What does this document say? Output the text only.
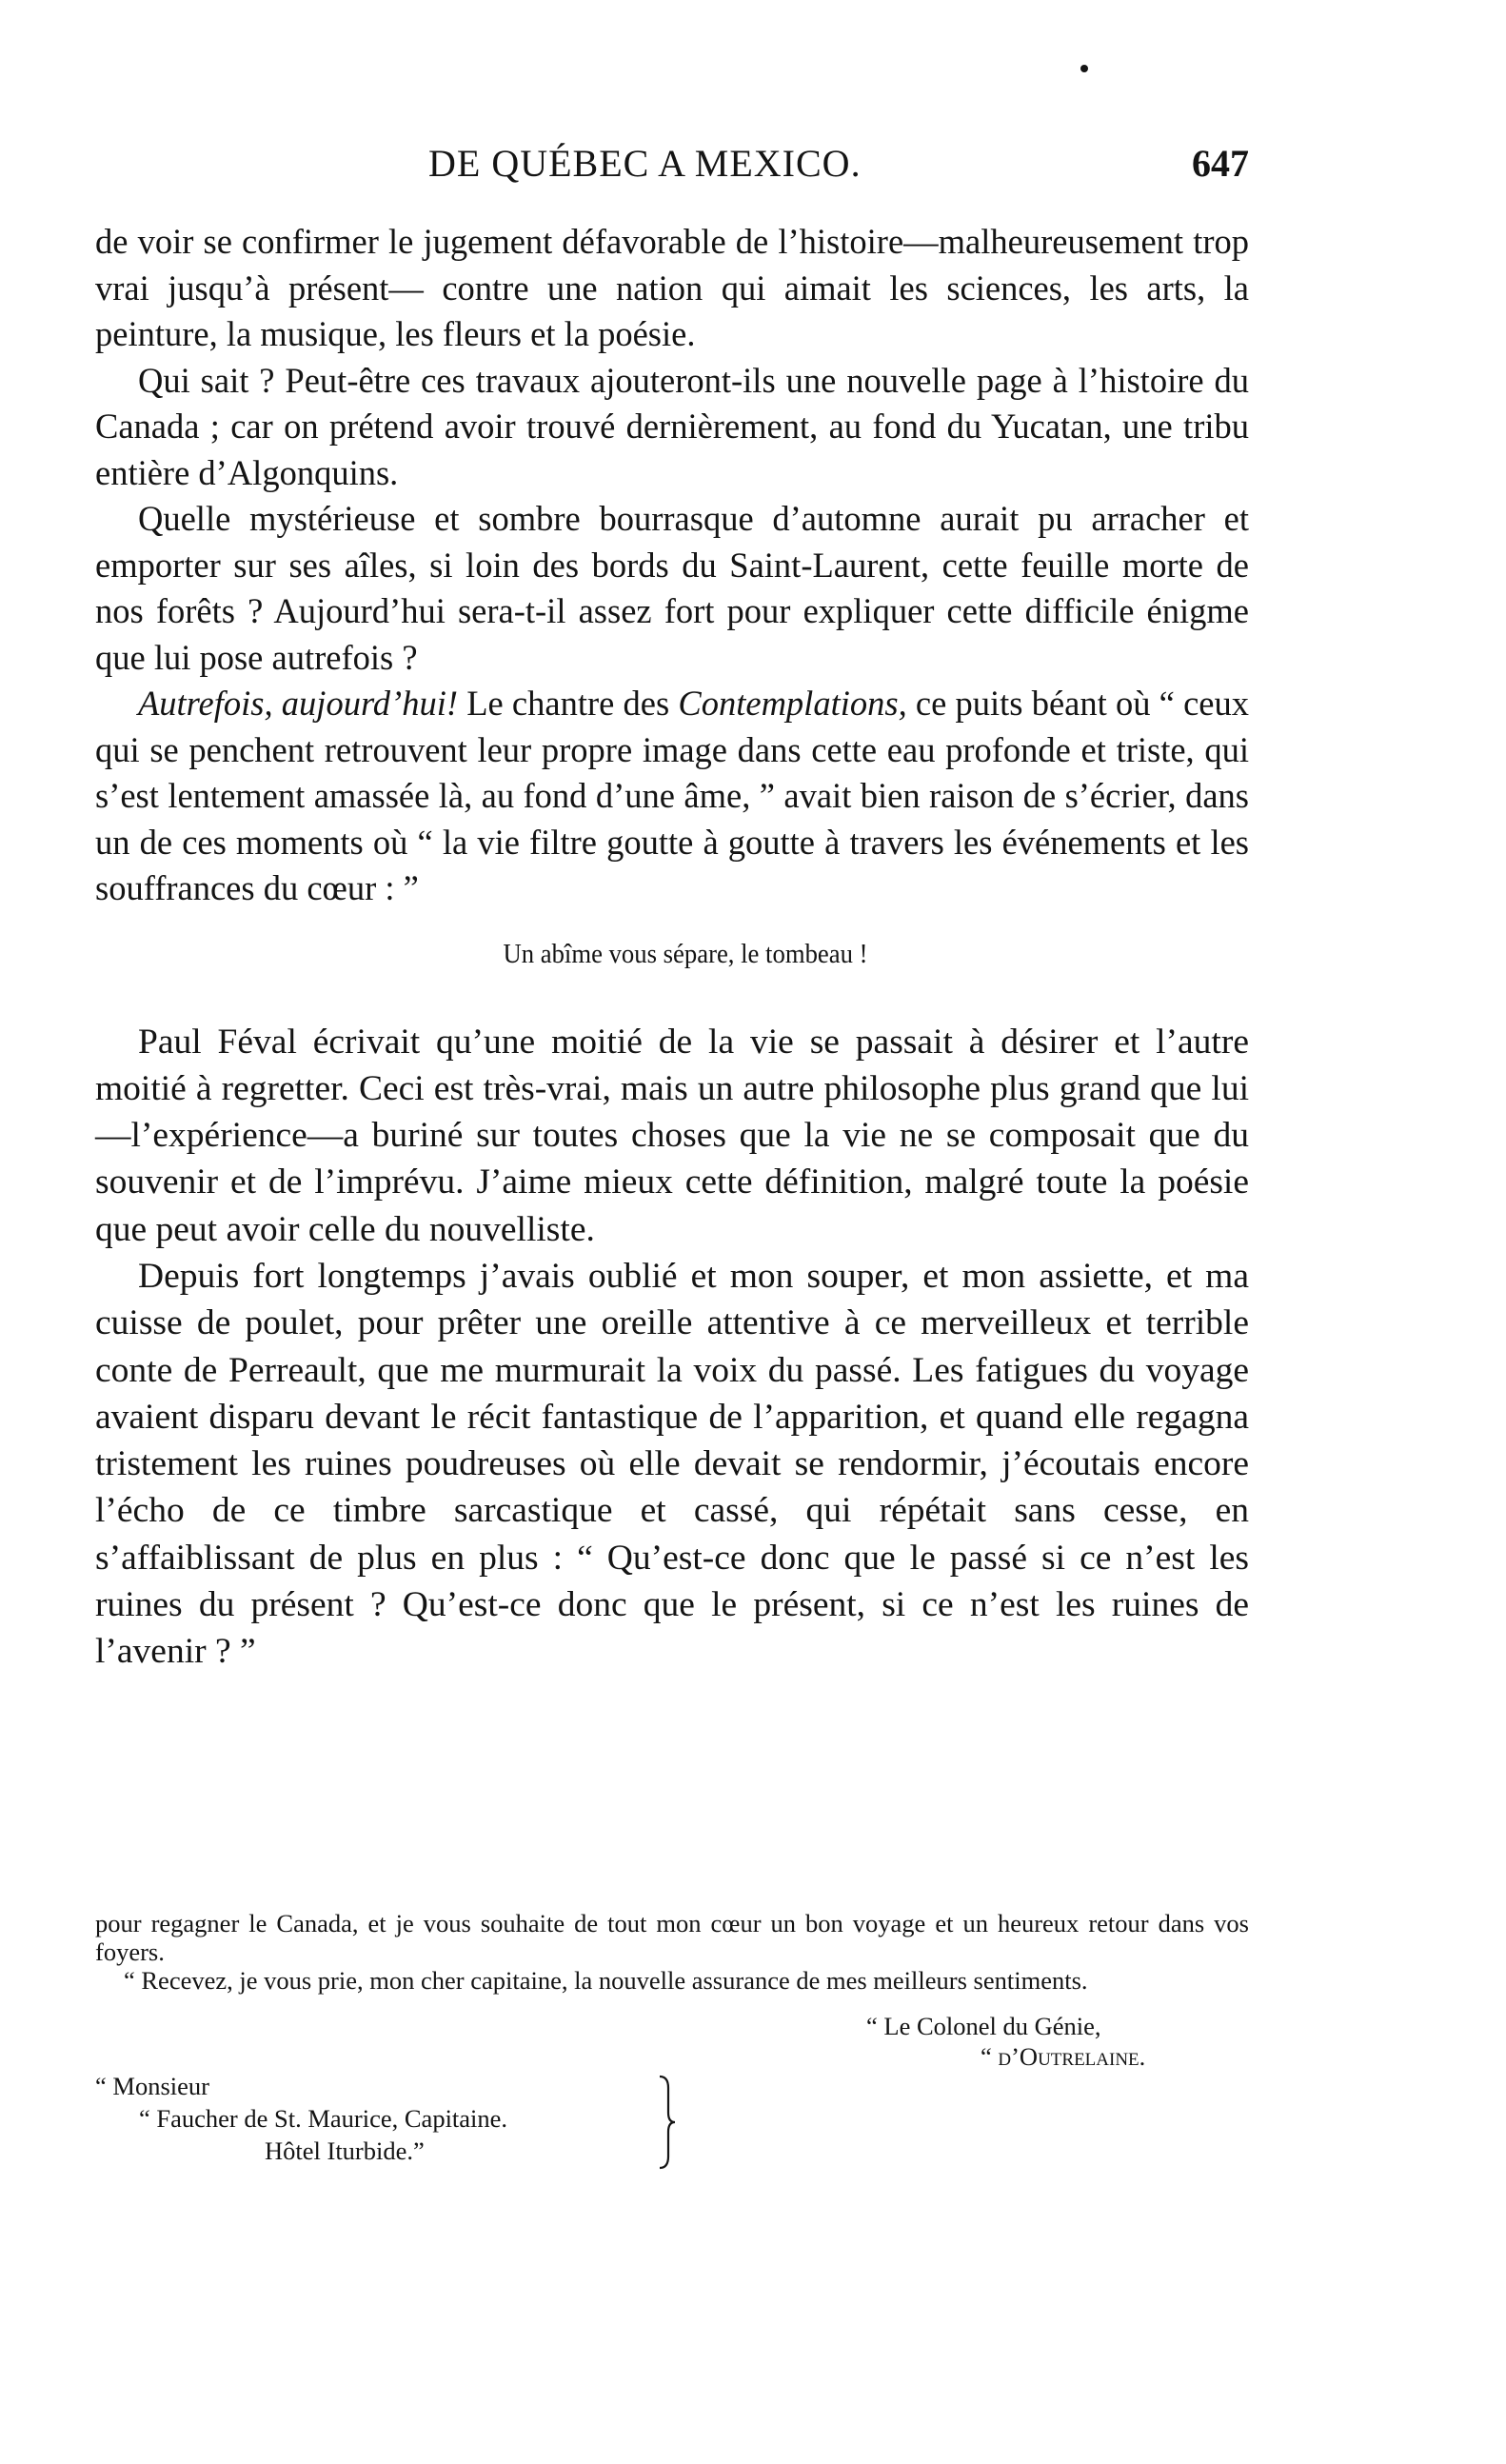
DE QUÉBEC A MEXICO.	647

de voir se confirmer le jugement défavorable de l’histoire—malheureusement trop vrai jusqu’à présent— contre une nation qui aimait les sciences, les arts, la peinture, la musique, les fleurs et la poésie.

Qui sait ? Peut-être ces travaux ajouteront-ils une nouvelle page à l’histoire du Canada ; car on prétend avoir trouvé dernièrement, au fond du Yucatan, une tribu entière d’Algonquins.

Quelle mystérieuse et sombre bourrasque d’automne aurait pu arracher et emporter sur ses aîles, si loin des bords du Saint-Laurent, cette feuille morte de nos forêts ? Aujourd’hui sera-t-il assez fort pour expliquer cette difficile énigme que lui pose autrefois ?

Autrefois, aujourd’hui! Le chantre des Contemplations, ce puits béant où “ ceux qui se penchent retrouvent leur propre image dans cette eau profonde et triste, qui s’est lentement amassée là, au fond d’une âme, ” avait bien raison de s’écrier, dans un de ces moments où “ la vie filtre goutte à goutte à travers les événements et les souffrances du cœur : ”

Un abîme vous sépare, le tombeau !

Paul Féval écrivait qu’une moitié de la vie se passait à désirer et l’autre moitié à regretter. Ceci est très-vrai, mais un autre philosophe plus grand que lui—l’expérience—a buriné sur toutes choses que la vie ne se composait que du souvenir et de l’imprévu. J’aime mieux cette définition, malgré toute la poésie que peut avoir celle du nouvelliste.

Depuis fort longtemps j’avais oublié et mon souper, et mon assiette, et ma cuisse de poulet, pour prêter une oreille attentive à ce merveilleux et terrible conte de Perreault, que me murmurait la voix du passé. Les fatigues du voyage avaient disparu devant le récit fantastique de l’apparition, et quand elle regagna tristement les ruines poudreuses où elle devait se rendormir, j’écoutais encore l’écho de ce timbre sarcastique et cassé, qui répétait sans cesse, en s’affaiblissant de plus en plus : “ Qu’est-ce donc que le passé si ce n’est les ruines du présent ? Qu’est-ce donc que le présent, si ce n’est les ruines de l’avenir ? ”

pour regagner le Canada, et je vous souhaite de tout mon cœur un bon voyage et un heureux retour dans vos foyers.

“ Recevez, je vous prie, mon cher capitaine, la nouvelle assurance de mes meilleurs sentiments.

“ Le Colonel du Génie,
“ d’Outrelaine.
“ Monsieur
“ Faucher de St. Maurice, Capitaine.
Hôtel Iturbide.”
